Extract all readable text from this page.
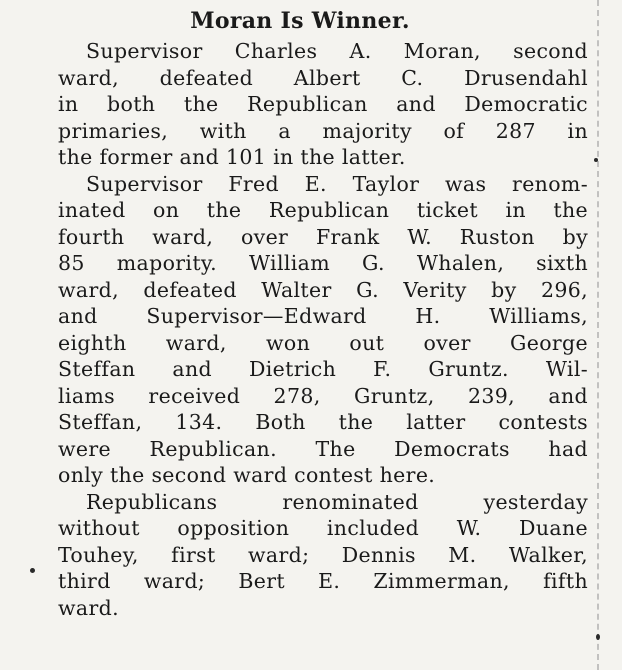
Moran Is Winner.

Supervisor Charles A. Moran, second
ward, defeated Albert C. Drusendahl
in both the Republican and Democratic
primaries, with a majority of 287 in
the former and 101 in the latter.

Supervisor Fred E. Taylor was renom-
inated on the Republican ticket in the
fourth ward, over Frank W. Ruston by
85 mapority. William G. Whalen, sixth
ward, defeated Walter G. Verity by 296,
and Supervisor—Edward H. Williams,
eighth ward, won out over George
Steffan and Dietrich F. Gruntz. Wil-
liams received 278, Gruntz, 239, and
Steffan, 134. Both the latter contests
were Republican. The Democrats had
only the second ward contest here.

Republicans renominated yesterday
without opposition included W. Duane
Touhey, first ward; Dennis M. Walker,
third ward; Bert E. Zimmerman, fifth
ward.
